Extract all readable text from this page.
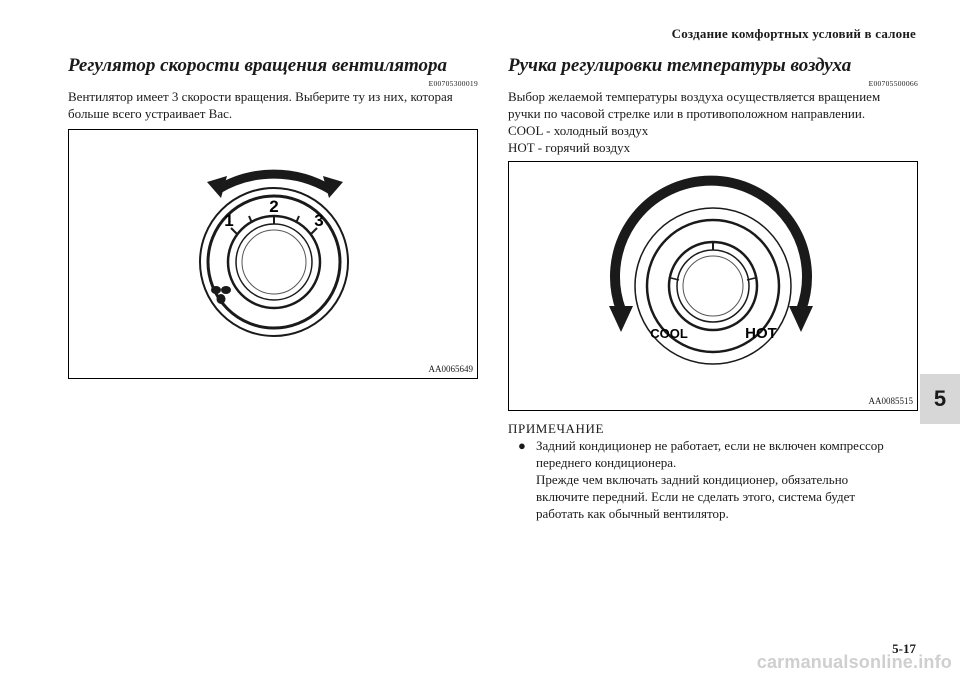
Создание комфортных условий в салоне
Регулятор скорости вращения вентилятора
E00705300019

Вентилятор имеет 3 скорости вращения. Выберите ту из них, которая

больше всего устраивает Вас.

1
2
3
AA0065649
Ручка регулировки температуры воздуха
E00705500066

Выбор желаемой температуры воздуха осуществляется вращением

ручки по часовой стрелке или в противоположном направлении.

COOL - холодный воздух

HOT - горячий воздух

COOL	HOT
AA0085515
ПРИМЕЧАНИЕ
● Задний кондиционер не работает, если не включен компрессор

переднего кондиционера.

Прежде чем включать задний кондиционер, обязательно

включите передний. Если не сделать этого, система будет

работать как обычный вентилятор.

5
5-17
carmanualsonline.info
